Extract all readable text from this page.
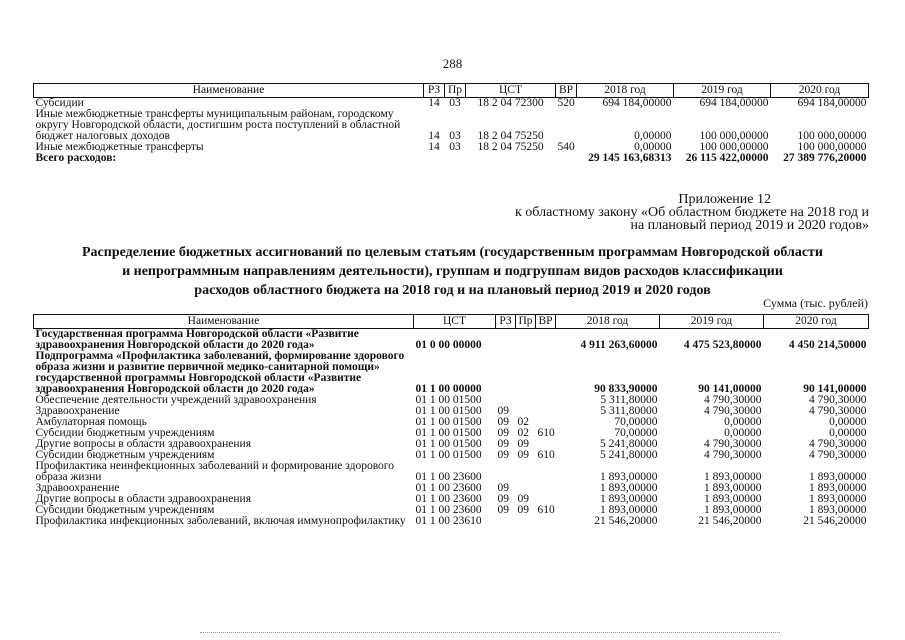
288
Наименование	РЗ	Пр	ЦСТ	ВР	2018 год	2019 год	2020 год
Субсидии	14	03	18 2 04 72300	520	694 184,00000	694 184,00000	694 184,00000
Иные межбюджетные трансферты муниципальным районам, городскому округу Новгородской области, достигшим роста поступлений в областной бюджет налоговых доходов	14	03	18 2 04 75250		0,00000	100 000,00000	100 000,00000
Иные межбюджетные трансферты	14	03	18 2 04 75250	540	0,00000	100 000,00000	100 000,00000
Всего расходов:					29 145 163,68313	26 115 422,00000	27 389 776,20000
Приложение 12
к областному закону «Об областном бюджете на 2018 год и
на плановый период 2019 и 2020 годов»
Распределение бюджетных ассигнований по целевым статьям (государственным программам Новгородской области
и непрограммным направлениям деятельности), группам и подгруппам видов расходов классификации
расходов областного бюджета на 2018 год и на плановый период 2019 и 2020 годов
Сумма (тыс. рублей)
Наименование	ЦСТ	РЗ	Пр	ВР	2018 год	2019 год	2020 год
Государственная программа Новгородской области «Развитие здравоохранения Новгородской области до 2020 года»	01 0 00 00000				4 911 263,60000	4 475 523,80000	4 450 214,50000
Подпрограмма «Профилактика заболеваний, формирование здорового образа жизни и развитие первичной медико-санитарной помощи» государственной программы Новгородской области «Развитие здравоохранения Новгородской области до 2020 года»	01 1 00 00000				90 833,90000	90 141,00000	90 141,00000
Обеспечение деятельности учреждений здравоохранения	01 1 00 01500				5 311,80000	4 790,30000	4 790,30000
Здравоохранение	01 1 00 01500	09			5 311,80000	4 790,30000	4 790,30000
Амбулаторная помощь	01 1 00 01500	09	02		70,00000	0,00000	0,00000
Субсидии бюджетным учреждениям	01 1 00 01500	09	02	610	70,00000	0,00000	0,00000
Другие вопросы в области здравоохранения	01 1 00 01500	09	09		5 241,80000	4 790,30000	4 790,30000
Субсидии бюджетным учреждениям	01 1 00 01500	09	09	610	5 241,80000	4 790,30000	4 790,30000
Профилактика неинфекционных заболеваний и формирование здорового образа жизни	01 1 00 23600				1 893,00000	1 893,00000	1 893,00000
Здравоохранение	01 1 00 23600	09			1 893,00000	1 893,00000	1 893,00000
Другие вопросы в области здравоохранения	01 1 00 23600	09	09		1 893,00000	1 893,00000	1 893,00000
Субсидии бюджетным учреждениям	01 1 00 23600	09	09	610	1 893,00000	1 893,00000	1 893,00000
Профилактика инфекционных заболеваний, включая иммунопрофилактику	01 1 00 23610				21 546,20000	21 546,20000	21 546,20000
